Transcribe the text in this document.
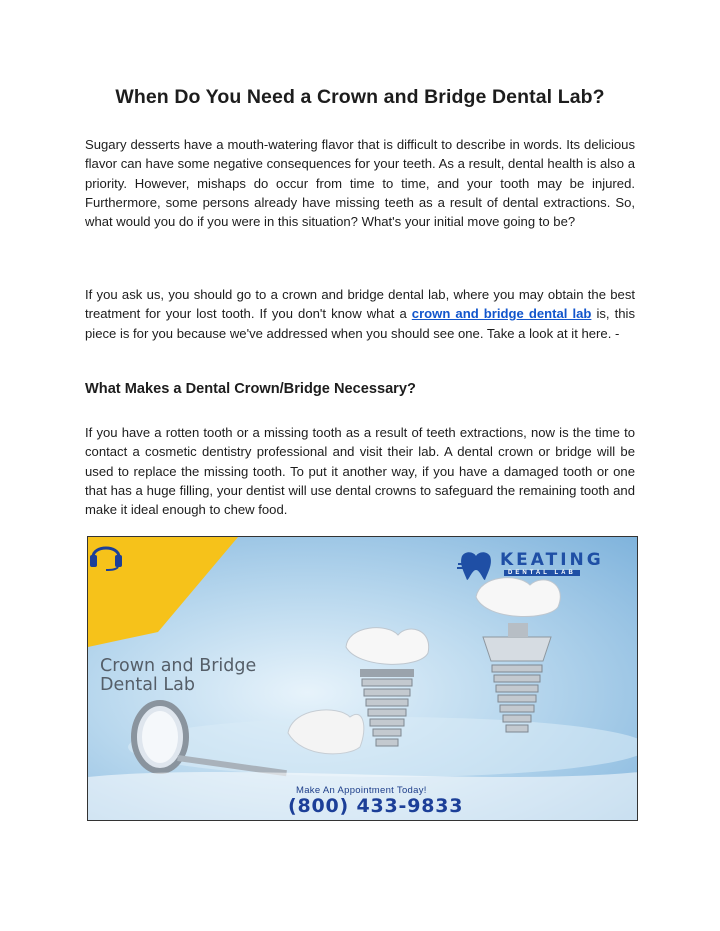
When Do You Need a Crown and Bridge Dental Lab?

Sugary desserts have a mouth-watering flavor that is difficult to describe in words. Its delicious flavor can have some negative consequences for your teeth. As a result, dental health is also a priority. However, mishaps do occur from time to time, and your tooth may be injured. Furthermore, some persons already have missing teeth as a result of dental extractions. So, what would you do if you were in this situation? What's your initial move going to be?

If you ask us, you should go to a crown and bridge dental lab, where you may obtain the best treatment for your lost tooth. If you don't know what a crown and bridge dental lab is, this piece is for you because we've addressed when you should see one. Take a look at it here. -

What Makes a Dental Crown/Bridge Necessary?

If you have a rotten tooth or a missing tooth as a result of teeth extractions, now is the time to contact a cosmetic dentistry professional and visit their lab. A dental crown or bridge will be used to replace the missing tooth. To put it another way, if you have a damaged tooth or one that has a huge filling, your dentist will use dental crowns to safeguard the remaining tooth and make it ideal enough to chew food.

KEATING
DENTAL LAB
Crown and Bridge
Dental Lab
Make An Appointment Today!
(800) 433-9833
